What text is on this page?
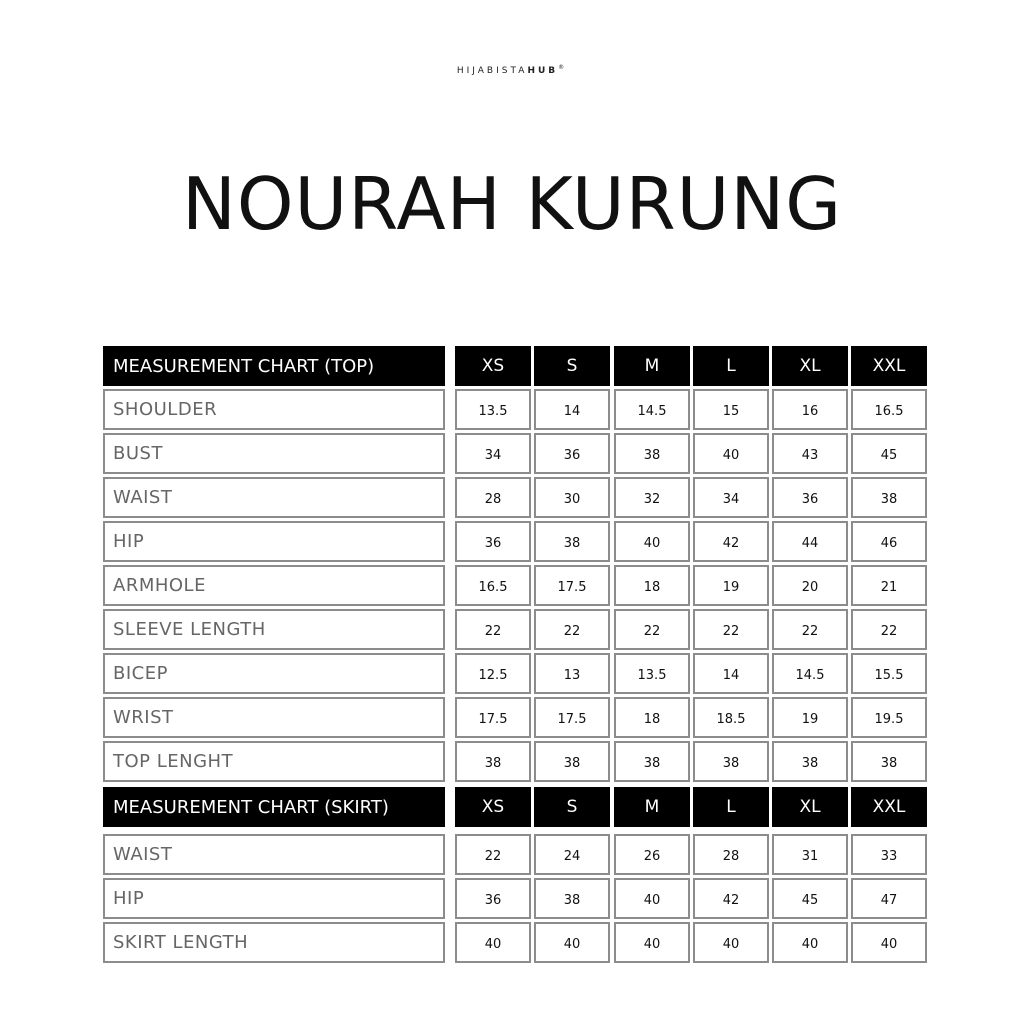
HIJABISTAHUB®
NOURAH KURUNG
MEASUREMENT CHART (TOP)	XS	S	M	L	XL	XXL
SHOULDER	13.5	14	14.5	15	16	16.5
BUST	34	36	38	40	43	45
WAIST	28	30	32	34	36	38
HIP	36	38	40	42	44	46
ARMHOLE	16.5	17.5	18	19	20	21
SLEEVE LENGTH	22	22	22	22	22	22
BICEP	12.5	13	13.5	14	14.5	15.5
WRIST	17.5	17.5	18	18.5	19	19.5
TOP LENGHT	38	38	38	38	38	38
MEASUREMENT CHART (SKIRT)	XS	S	M	L	XL	XXL
WAIST	22	24	26	28	31	33
HIP	36	38	40	42	45	47
SKIRT LENGTH	40	40	40	40	40	40
